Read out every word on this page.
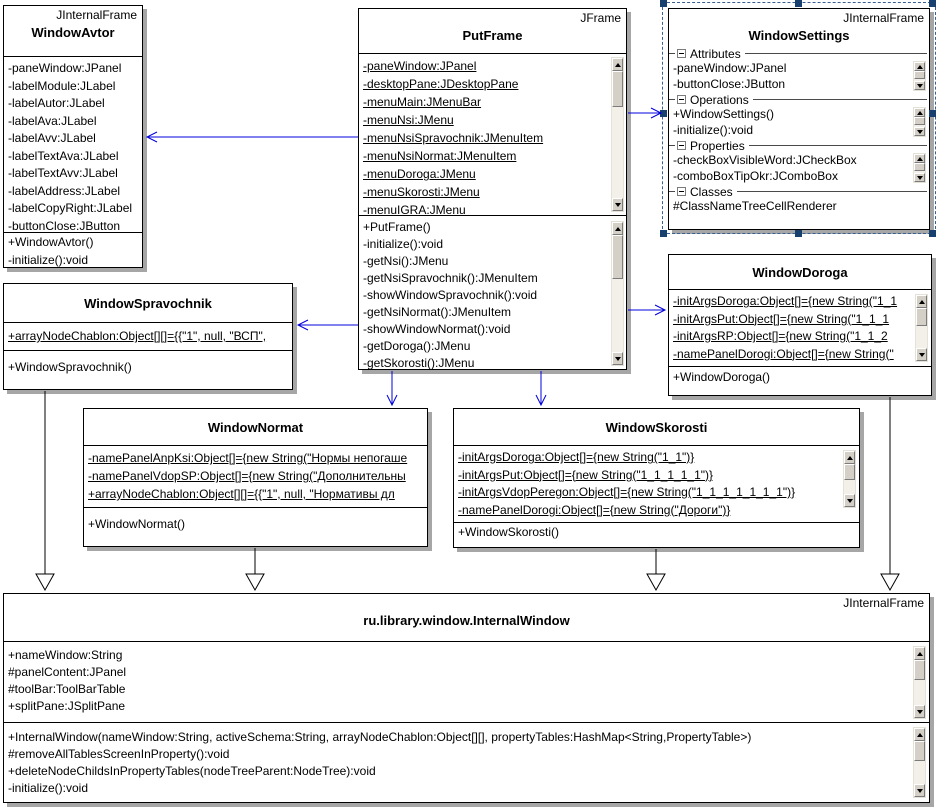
JInternalFrame
WindowAvtor
-paneWindow:JPanel
-labelModule:JLabel
-labelAutor:JLabel
-labelAva:JLabel
-labelAvv:JLabel
-labelTextAva:JLabel
-labelTextAvv:JLabel
-labelAddress:JLabel
-labelCopyRight:JLabel
-buttonClose:JButton
+WindowAvtor()
-initialize():void
JFrame
PutFrame
-paneWindow:JPanel
-desktopPane:JDesktopPane
-menuMain:JMenuBar
-menuNsi:JMenu
-menuNsiSpravochnik:JMenuItem
-menuNsiNormat:JMenuItem
-menuDoroga:JMenu
-menuSkorosti:JMenu
-menuIGRA:JMenu
+PutFrame()
-initialize():void
-getNsi():JMenu
-getNsiSpravochnik():JMenuItem
-showWindowSpravochnik():void
-getNsiNormat():JMenuItem
-showWindowNormat():void
-getDoroga():JMenu
-getSkorosti():JMenu
JInternalFrame
WindowSettings
Attributes
-paneWindow:JPanel
-buttonClose:JButton
Operations
+WindowSettings()
-initialize():void
Properties
-checkBoxVisibleWord:JCheckBox
-comboBoxTipOkr:JComboBox
Classes
#ClassNameTreeCellRenderer
WindowSpravochnik
+arrayNodeChablon:Object[][]={{"1", null, "ВСП",
+WindowSpravochnik()
WindowDoroga
-initArgsDoroga:Object[]={new String("1_1
-initArgsPut:Object[]={new String("1_1_1
-initArgsRP:Object[]={new String("1_1_2
-namePanelDorogi:Object[]={new String("
+WindowDoroga()
WindowNormat
-namePanelAnpKsi:Object[]={new String("Нормы непогаше
-namePanelVdopSP:Object[]={new String("Дополнительны
+arrayNodeChablon:Object[][]={{"1", null, "Нормативы дл
+WindowNormat()
WindowSkorosti
-initArgsDoroga:Object[]={new String("1_1")}
-initArgsPut:Object[]={new String("1_1_1_1_1")}
-initArgsVdopPeregon:Object[]={new String("1_1_1_1_1_1_1")}
-namePanelDorogi:Object[]={new String("Дороги")}
+WindowSkorosti()
JInternalFrame
ru.library.window.InternalWindow
+nameWindow:String
#panelContent:JPanel
#toolBar:ToolBarTable
+splitPane:JSplitPane
+InternalWindow(nameWindow:String, activeSchema:String, arrayNodeChablon:Object[][], propertyTables:HashMap<String,PropertyTable>)
#removeAllTablesScreenInProperty():void
+deleteNodeChildsInPropertyTables(nodeTreeParent:NodeTree):void
-initialize():void
